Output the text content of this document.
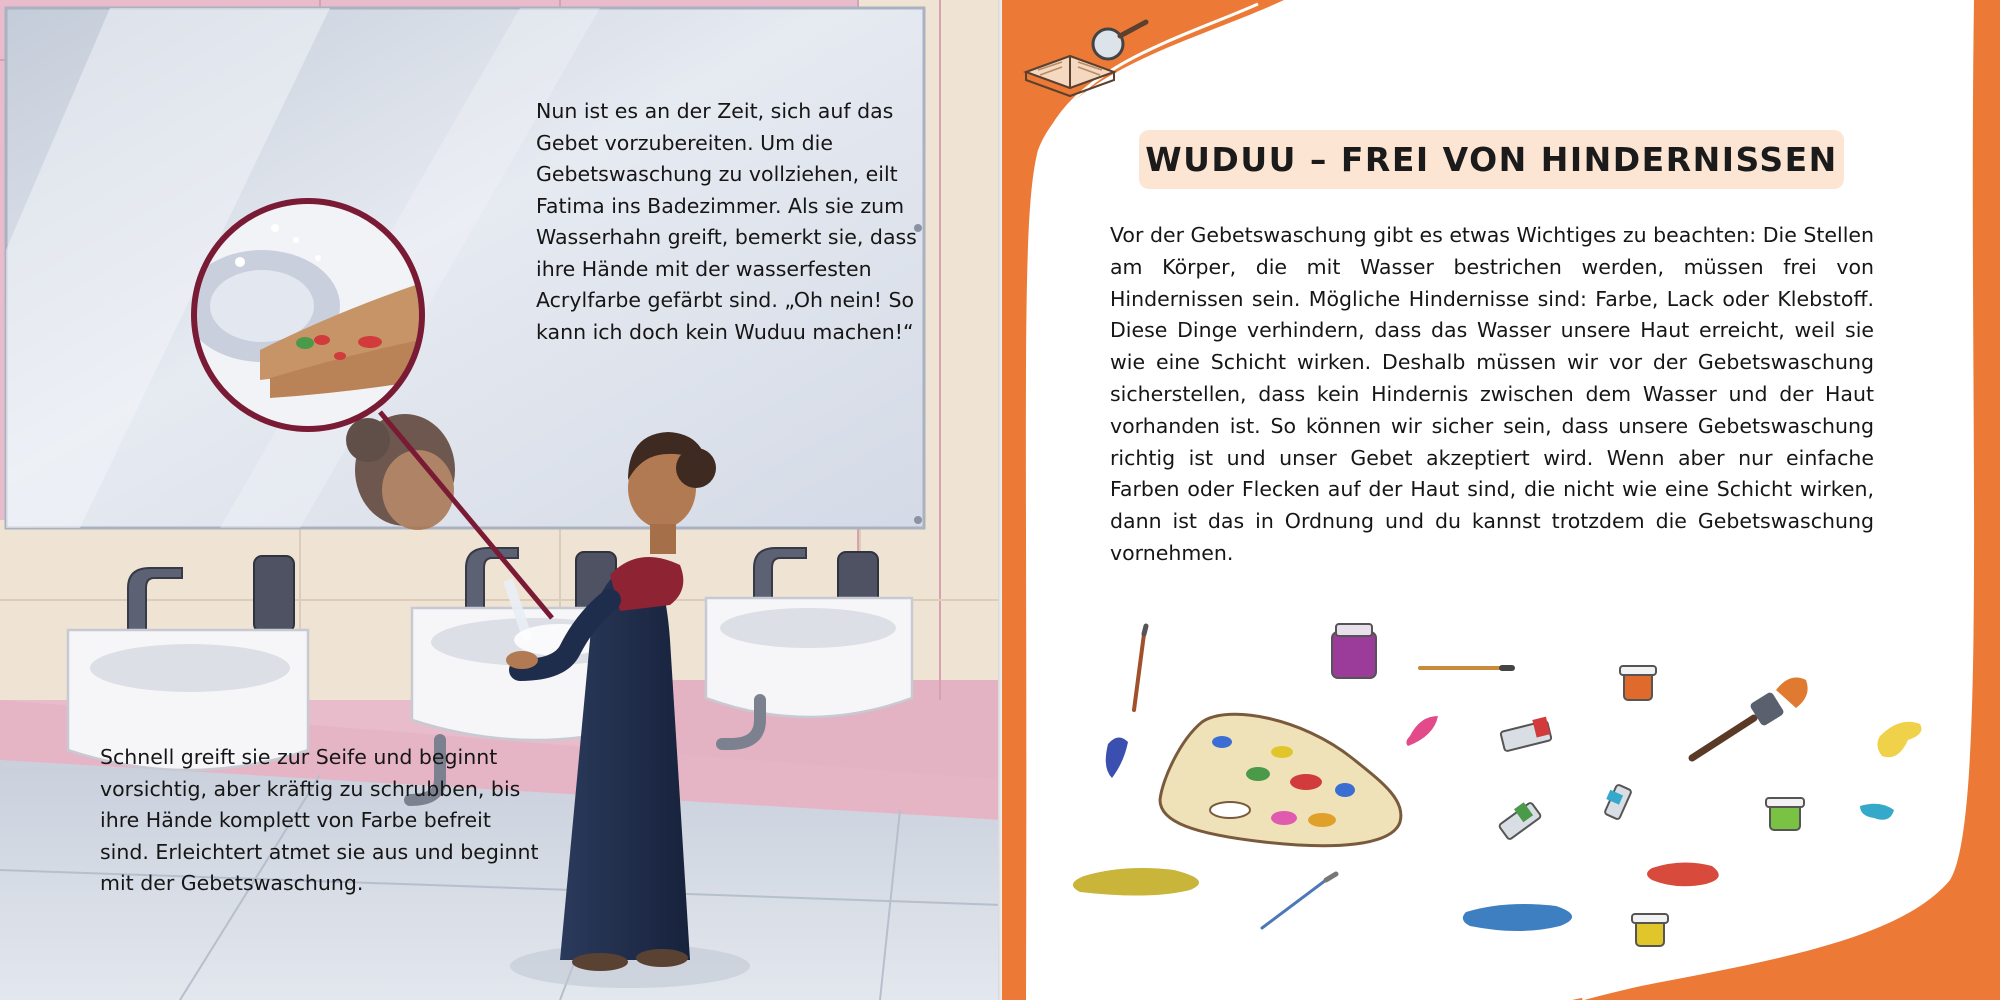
Nun ist es an der Zeit, sich auf das Gebet vorzubereiten. Um die Gebetswaschung zu vollziehen, eilt Fatima ins Badezimmer. Als sie zum Wasserhahn greift, bemerkt sie, dass ihre Hände mit der wasserfesten Acrylfarbe gefärbt sind. „Oh nein! So kann ich doch kein Wuduu machen!“

Schnell greift sie zur Seife und beginnt vorsichtig, aber kräftig zu schrubben, bis ihre Hände komplett von Farbe befreit sind. Erleichtert atmet sie aus und beginnt mit der Gebetswaschung.

WUDUU – FREI VON HINDERNISSEN

Vor der Gebetswaschung gibt es etwas Wichtiges zu beachten: Die Stellen am Körper, die mit Wasser bestrichen werden, müssen frei von Hindernissen sein. Mögliche Hindernisse sind: Farbe, Lack oder Klebstoff. Diese Dinge verhindern, dass das Wasser unsere Haut erreicht, weil sie wie eine Schicht wirken. Deshalb müssen wir vor der Gebetswaschung sicherstellen, dass kein Hindernis zwischen dem Wasser und der Haut vorhanden ist. So können wir sicher sein, dass unsere Gebetswaschung richtig ist und unser Gebet akzeptiert wird. Wenn aber nur einfache Farben oder Flecken auf der Haut sind, die nicht wie eine Schicht wirken, dann ist das in Ordnung und du kannst trotzdem die Gebetswaschung vornehmen.
